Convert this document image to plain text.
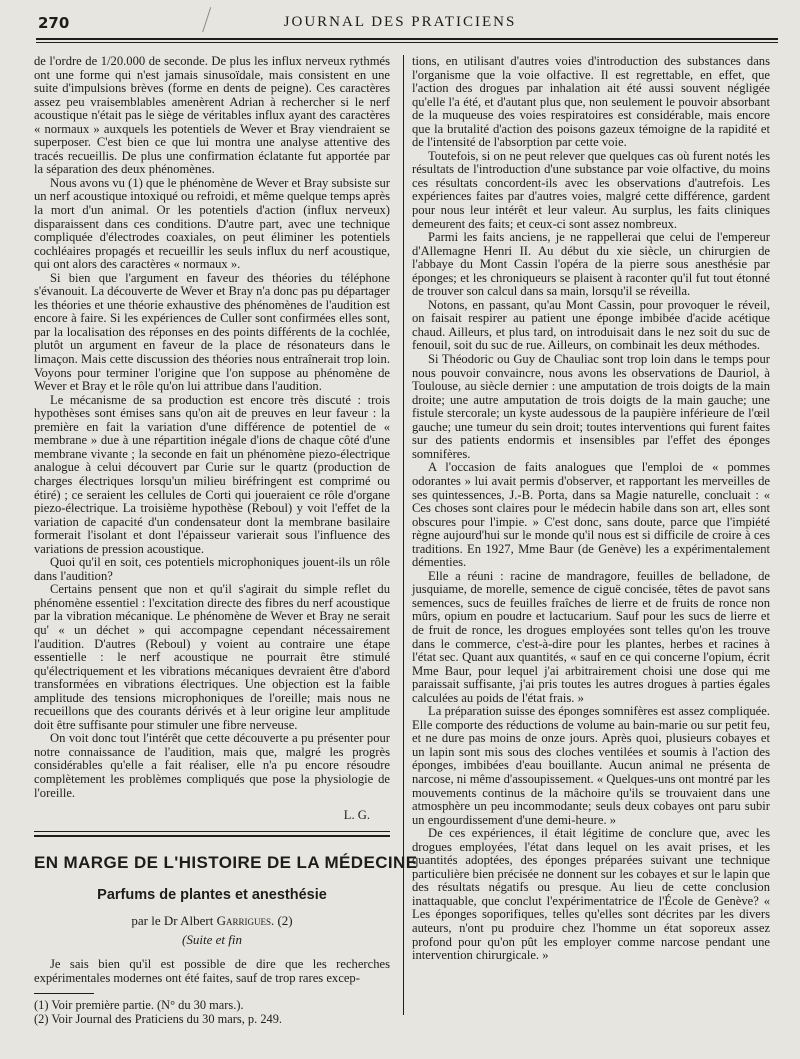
270	JOURNAL DES PRATICIENS

de l'ordre de 1/20.000 de seconde. De plus les influx nerveux rythmés ont une forme qui n'est jamais sinusoïdale, mais consistent en une suite d'impulsions brèves (forme en dents de peigne). Ces caractères assez peu vraisemblables amenèrent Adrian à rechercher si le nerf acoustique n'était pas le siège de véritables influx ayant des caractères « normaux » auxquels les potentiels de Wever et Bray viendraient se superposer. C'est bien ce que lui montra une analyse attentive des tracés recueillis. De plus une confirmation éclatante fut apportée par la séparation des deux phénomènes.

Nous avons vu (1) que le phénomène de Wever et Bray subsiste sur un nerf acoustique intoxiqué ou refroidi, et même quelque temps après la mort d'un animal. Or les potentiels d'action (influx nerveux) disparaissent dans ces conditions. D'autre part, avec une technique compliquée d'électrodes coaxiales, on peut éliminer les potentiels cochléaires propagés et recueillir les seuls influx du nerf acoustique, qui ont alors des caractères « normaux ».

Si bien que l'argument en faveur des théories du téléphone s'évanouit. La découverte de Wever et Bray n'a donc pas pu départager les théories et une théorie exhaustive des phénomènes de l'audition est encore à faire. Si les expériences de Culler sont confirmées elles sont, par la localisation des réponses en des points différents de la cochlée, plutôt un argument en faveur de la place de résonateurs dans le limaçon. Mais cette discussion des théories nous entraînerait trop loin. Voyons pour terminer l'origine que l'on suppose au phénomène de Wever et Bray et le rôle qu'on lui attribue dans l'audition.

Le mécanisme de sa production est encore très discuté : trois hypothèses sont émises sans qu'on ait de preuves en leur faveur : la première en fait la variation d'une différence de potentiel de « membrane » due à une répartition inégale d'ions de chaque côté d'une membrane vivante ; la seconde en fait un phénomène piezo-électrique analogue à celui découvert par Curie sur le quartz (production de charges électriques lorsqu'un milieu biréfringent est comprimé ou étiré) ; ce seraient les cellules de Corti qui joueraient ce rôle d'organe piezo-électrique. La troisième hypothèse (Reboul) y voit l'effet de la variation de capacité d'un condensateur dont la membrane basilaire formerait l'isolant et dont l'épaisseur varierait sous l'influence des variations de pression acoustique.

Quoi qu'il en soit, ces potentiels microphoniques jouent-ils un rôle dans l'audition?

Certains pensent que non et qu'il s'agirait du simple reflet du phénomène essentiel : l'excitation directe des fibres du nerf acoustique par la vibration mécanique. Le phénomène de Wever et Bray ne serait qu' « un déchet » qui accompagne cependant nécessairement l'audition. D'autres (Reboul) y voient au contraire une étape essentielle : le nerf acoustique ne pourrait être stimulé qu'électriquement et les vibrations mécaniques devraient être d'abord transformées en vibrations électriques. Une objection est la faible amplitude des tensions microphoniques de l'oreille; mais nous ne recueillons que des courants dérivés et à leur origine leur amplitude doit être suffisante pour stimuler une fibre nerveuse.

On voit donc tout l'intérêt que cette découverte a pu présenter pour notre connaissance de l'audition, mais que, malgré les progrès considérables qu'elle a fait réaliser, elle n'a pu encore résoudre complètement les problèmes compliqués que pose la physiologie de l'oreille.

L. G.
EN MARGE DE L'HISTOIRE DE LA MÉDECINE
Parfums de plantes et anesthésie
par le Dr Albert Garrigues. (2)
(Suite et fin

Je sais bien qu'il est possible de dire que les recherches expérimentales modernes ont été faites, sauf de trop rares excep-

(1) Voir première partie. (N° du 30 mars.).
(2) Voir Journal des Praticiens du 30 mars, p. 249.

tions, en utilisant d'autres voies d'introduction des substances dans l'organisme que la voie olfactive. Il est regrettable, en effet, que l'action des drogues par inhalation ait été aussi souvent négligée qu'elle l'a été, et d'autant plus que, non seulement le pouvoir absorbant de la muqueuse des voies respiratoires est considérable, mais encore que la brutalité d'action des poisons gazeux témoigne de la rapidité et de l'intensité de l'absorption par cette voie.

Toutefois, si on ne peut relever que quelques cas où furent notés les résultats de l'introduction d'une substance par voie olfactive, du moins ces résultats concordent-ils avec les observations d'autrefois. Les expériences faites par d'autres voies, malgré cette différence, gardent pour nous leur intérêt et leur valeur. Au surplus, les faits cliniques demeurent des faits; et ceux-ci sont assez nombreux.

Parmi les faits anciens, je ne rappellerai que celui de l'empereur d'Allemagne Henri II. Au début du xie siècle, un chirurgien de l'abbaye du Mont Cassin l'opéra de la pierre sous anesthésie par éponges; et les chroniqueurs se plaisent à raconter qu'il fut tout étonné de trouver son calcul dans sa main, lorsqu'il se réveilla.

Notons, en passant, qu'au Mont Cassin, pour provoquer le réveil, on faisait respirer au patient une éponge imbibée d'acide acétique chaud. Ailleurs, et plus tard, on introduisait dans le nez soit du suc de fenouil, soit du suc de rue. Ailleurs, on combinait les deux méthodes.

Si Théodoric ou Guy de Chauliac sont trop loin dans le temps pour nous pouvoir convaincre, nous avons les observations de Dauriol, à Toulouse, au siècle dernier : une amputation de trois doigts de la main droite; une autre amputation de trois doigts de la main gauche; une fistule stercorale; un kyste audessous de la paupière inférieure de l'œil gauche; une tumeur du sein droit; toutes interventions qui furent faites sur des patients endormis et insensibles par l'effet des éponges somnifères.

A l'occasion de faits analogues que l'emploi de « pommes odorantes » lui avait permis d'observer, et rapportant les merveilles de ses quintessences, J.-B. Porta, dans sa Magie naturelle, concluait : « Ces choses sont claires pour le médecin habile dans son art, elles sont obscures pour l'impie. » C'est donc, sans doute, parce que l'impiété règne aujourd'hui sur le monde qu'il nous est si difficile de croire à ces traditions. En 1927, Mme Baur (de Genève) les a expérimentalement démenties.

Elle a réuni : racine de mandragore, feuilles de belladone, de jusquiame, de morelle, semence de ciguë concisée, têtes de pavot sans semences, sucs de feuilles fraîches de lierre et de fruits de ronce non mûrs, opium en poudre et lactucarium. Sauf pour les sucs de lierre et de fruit de ronce, les drogues employées sont telles qu'on les trouve dans le commerce, c'est-à-dire pour les plantes, herbes et racines à l'état sec. Quant aux quantités, « sauf en ce qui concerne l'opium, écrit Mme Baur, pour lequel j'ai arbitrairement choisi une dose qui me paraissait suffisante, j'ai pris toutes les autres drogues à parties égales calculées au poids de l'état frais. »

La préparation suisse des éponges somnifères est assez compliquée. Elle comporte des réductions de volume au bain-marie ou sur petit feu, et ne dure pas moins de onze jours. Après quoi, plusieurs cobayes et un lapin sont mis sous des cloches ventilées et soumis à l'action des éponges, imbibées d'eau bouillante. Aucun animal ne présenta de narcose, ni même d'assoupissement. « Quelques-uns ont montré par les mouvements continus de la mâchoire qu'ils se trouvaient dans une atmosphère un peu incommodante; seuls deux cobayes ont paru subir un engourdissement d'une demi-heure. »

De ces expériences, il était légitime de conclure que, avec les drogues employées, l'état dans lequel on les avait prises, et les quantités adoptées, des éponges préparées suivant une technique particulière bien précisée ne donnent sur les cobayes et sur le lapin que des résultats négatifs ou presque. Au lieu de cette conclusion inattaquable, que conclut l'expérimentatrice de l'École de Genève? « Les éponges soporifiques, telles qu'elles sont décrites par les divers auteurs, n'ont pu produire chez l'homme un état soporeux assez profond pour qu'on pût les employer comme narcose pendant une intervention chirurgicale. »
